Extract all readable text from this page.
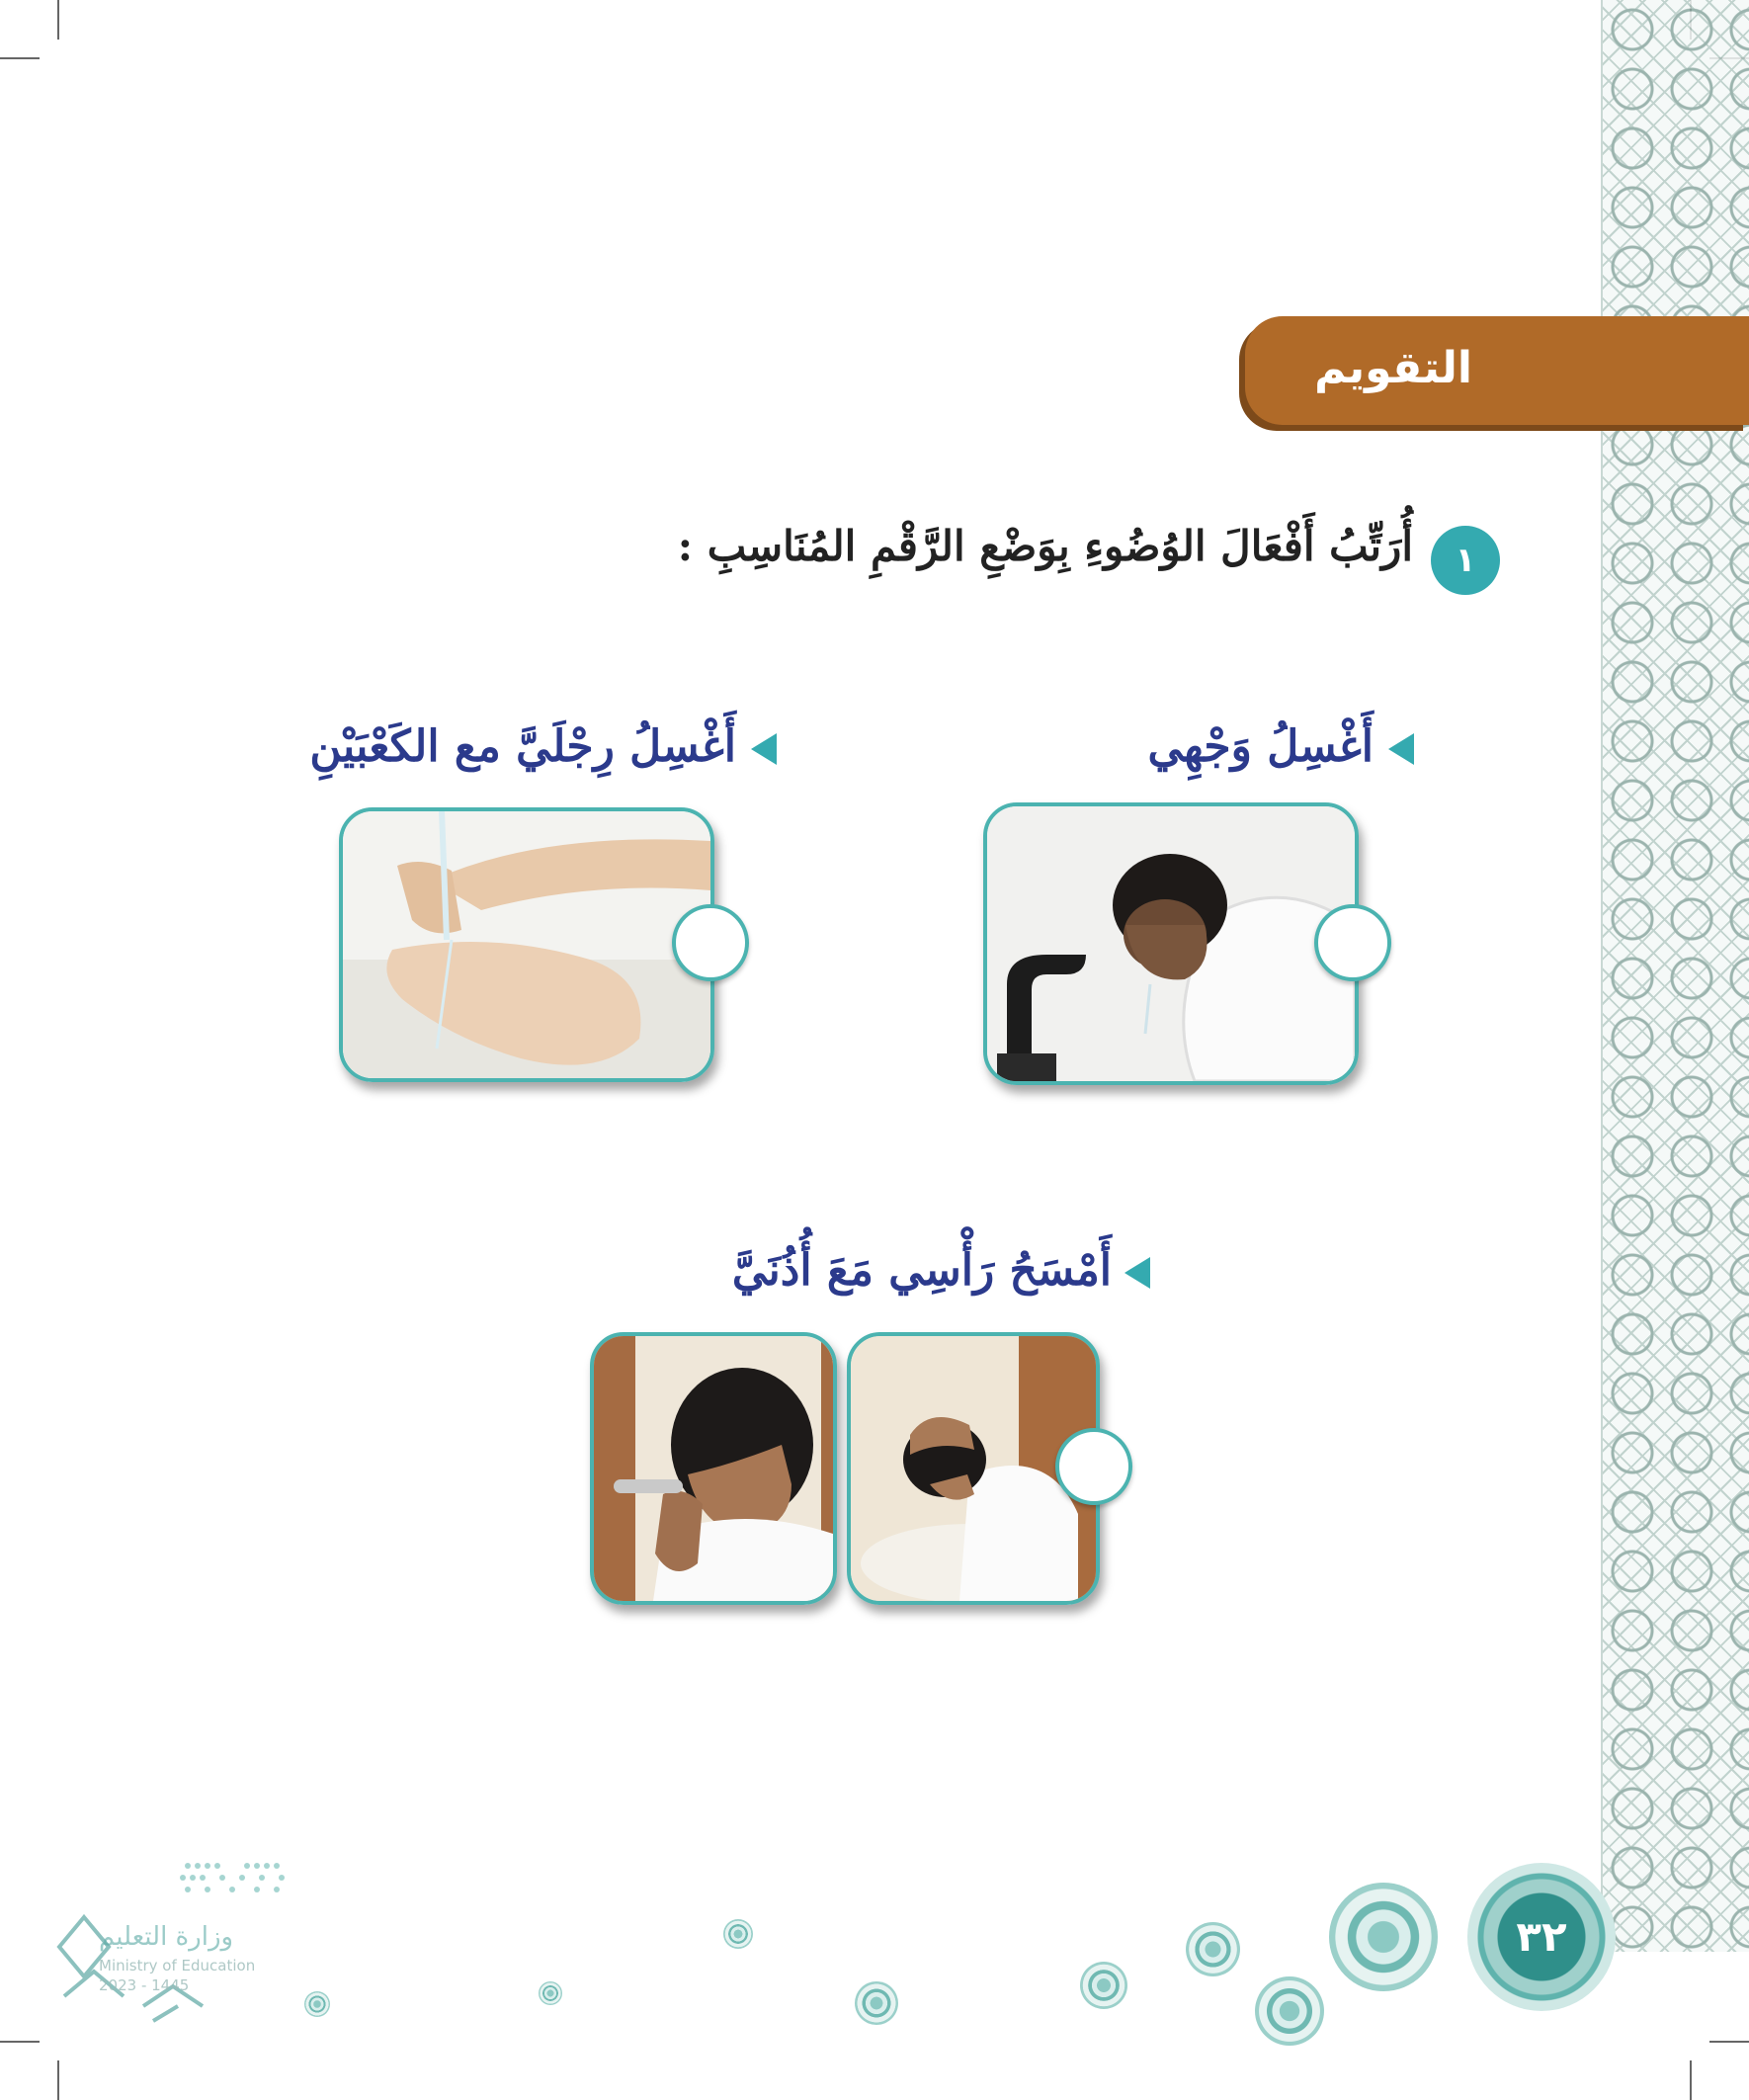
التقويم
١
أُرَتِّبُ أَفْعَالَ الوُضُوءِ بِوَضْعِ الرَّقْمِ المُنَاسِبِ :
أَغْسِلُ وَجْهِي
أَغْسِلُ رِجْلَيَّ مع الكَعْبَيْنِ
أَمْسَحُ رَأْسِي مَعَ أُذُنَيَّ
٣٢
وزارة التعليم
Ministry of Education
2023 - 1445
